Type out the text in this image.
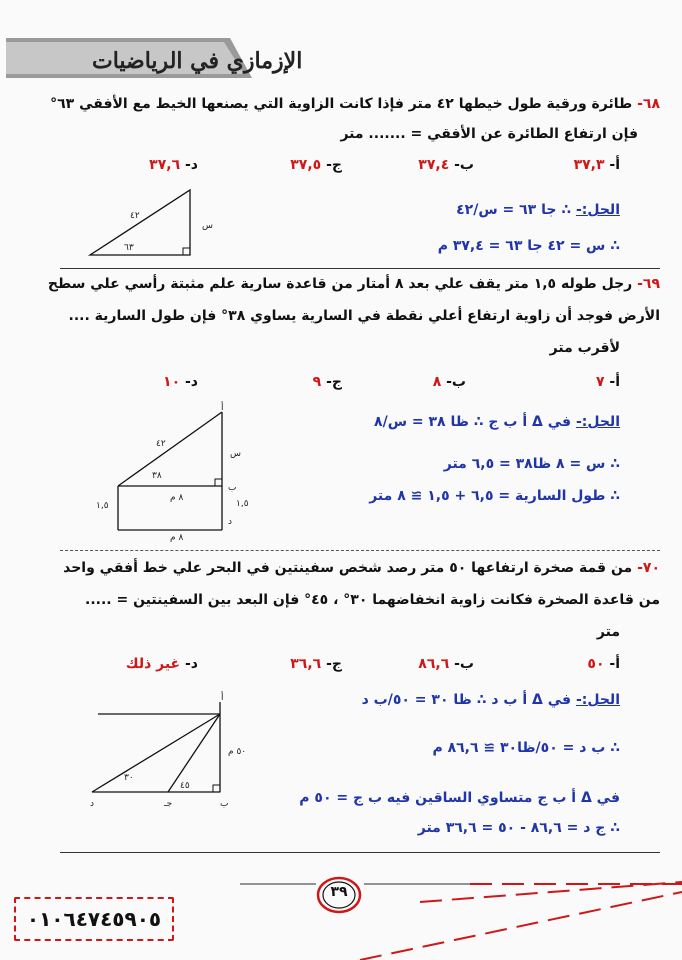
الإزمازي في الرياضيات
٦٨- طائرة ورقية طول خيطها ٤٢ متر فإذا كانت الزاوية التي يصنعها الخيط مع الأفقي ٦٣°
فإن ارتفاع الطائرة عن الأفقي = ....... متر
أ- ٣٧,٣
ب- ٣٧,٤
ج- ٣٧,٥
د- ٣٧,٦
الحل:- ∴ جا ٦٣ = س/٤٢
∴ س = ٤٢ جا ٦٣ = ٣٧,٤ م
٤٢
٦٣
س
٦٩- رجل طوله ١,٥ متر يقف علي بعد ٨ أمتار من قاعدة سارية علم مثبتة رأسي علي سطح
الأرض فوجد أن زاوية ارتفاع أعلي نقطة في السارية يساوي ٣٨° فإن طول السارية ....
لأقرب متر
أ- ٧
ب- ٨
ج- ٩
د- ١٠
الحل:- في Δ أ ب ج ∴ ظا ٣٨ = س/٨
∴ س = ٨ ظا٣٨ = ٦,٥ متر
∴ طول السارية = ٦,٥ + ١,٥ ≅ ٨ متر
أ
٤٢
٣٨
س
ب
د
١,٥	١,٥
٨ م
٨ م
٧٠- من قمة صخرة ارتفاعها ٥٠ متر رصد شخص سفينتين في البحر علي خط أفقي واحد
من قاعدة الصخرة فكانت زاوية انخفاضهما ٣٠° ، ٤٥° فإن البعد بين السفينتين = .....
متر
أ- ٥٠
ب- ٨٦,٦
ج- ٣٦,٦
د- غير ذلك
الحل:- في Δ أ ب د ∴ ظا ٣٠ = ٥٠/ب د
∴ ب د = ٥٠/ظا٣٠ ≅ ٨٦,٦ م
في Δ أ ب ج متساوي الساقين فيه ب ج = ٥٠ م
∴ ج د = ٨٦,٦ - ٥٠ = ٣٦,٦ متر
أ
٥٠ م
٣٠
٤٥
ب
جـ
د
٣٩
٠١٠٦٤٧٤٥٩٠٥
